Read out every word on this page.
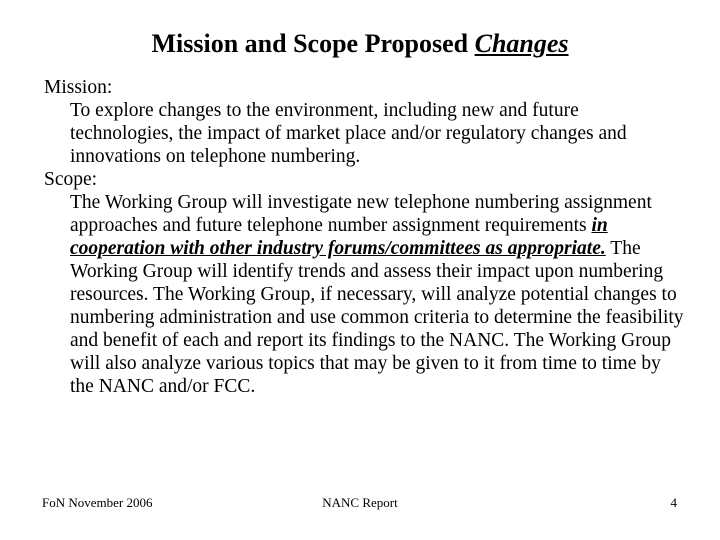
Mission and Scope Proposed Changes
Mission:
To explore changes to the environment, including new and future technologies, the impact of market place and/or regulatory changes and innovations on telephone numbering.
Scope:
The Working Group will investigate new telephone numbering assignment approaches and future telephone number assignment requirements in cooperation with other industry forums/committees as appropriate. The Working Group will identify trends and assess their impact upon numbering resources. The Working Group, if necessary, will analyze potential changes to numbering administration and use common criteria to determine the feasibility and benefit of each and report its findings to the NANC. The Working Group will also analyze various topics that may be given to it from time to time by the NANC and/or FCC.
FoN November 2006	NANC Report	4
